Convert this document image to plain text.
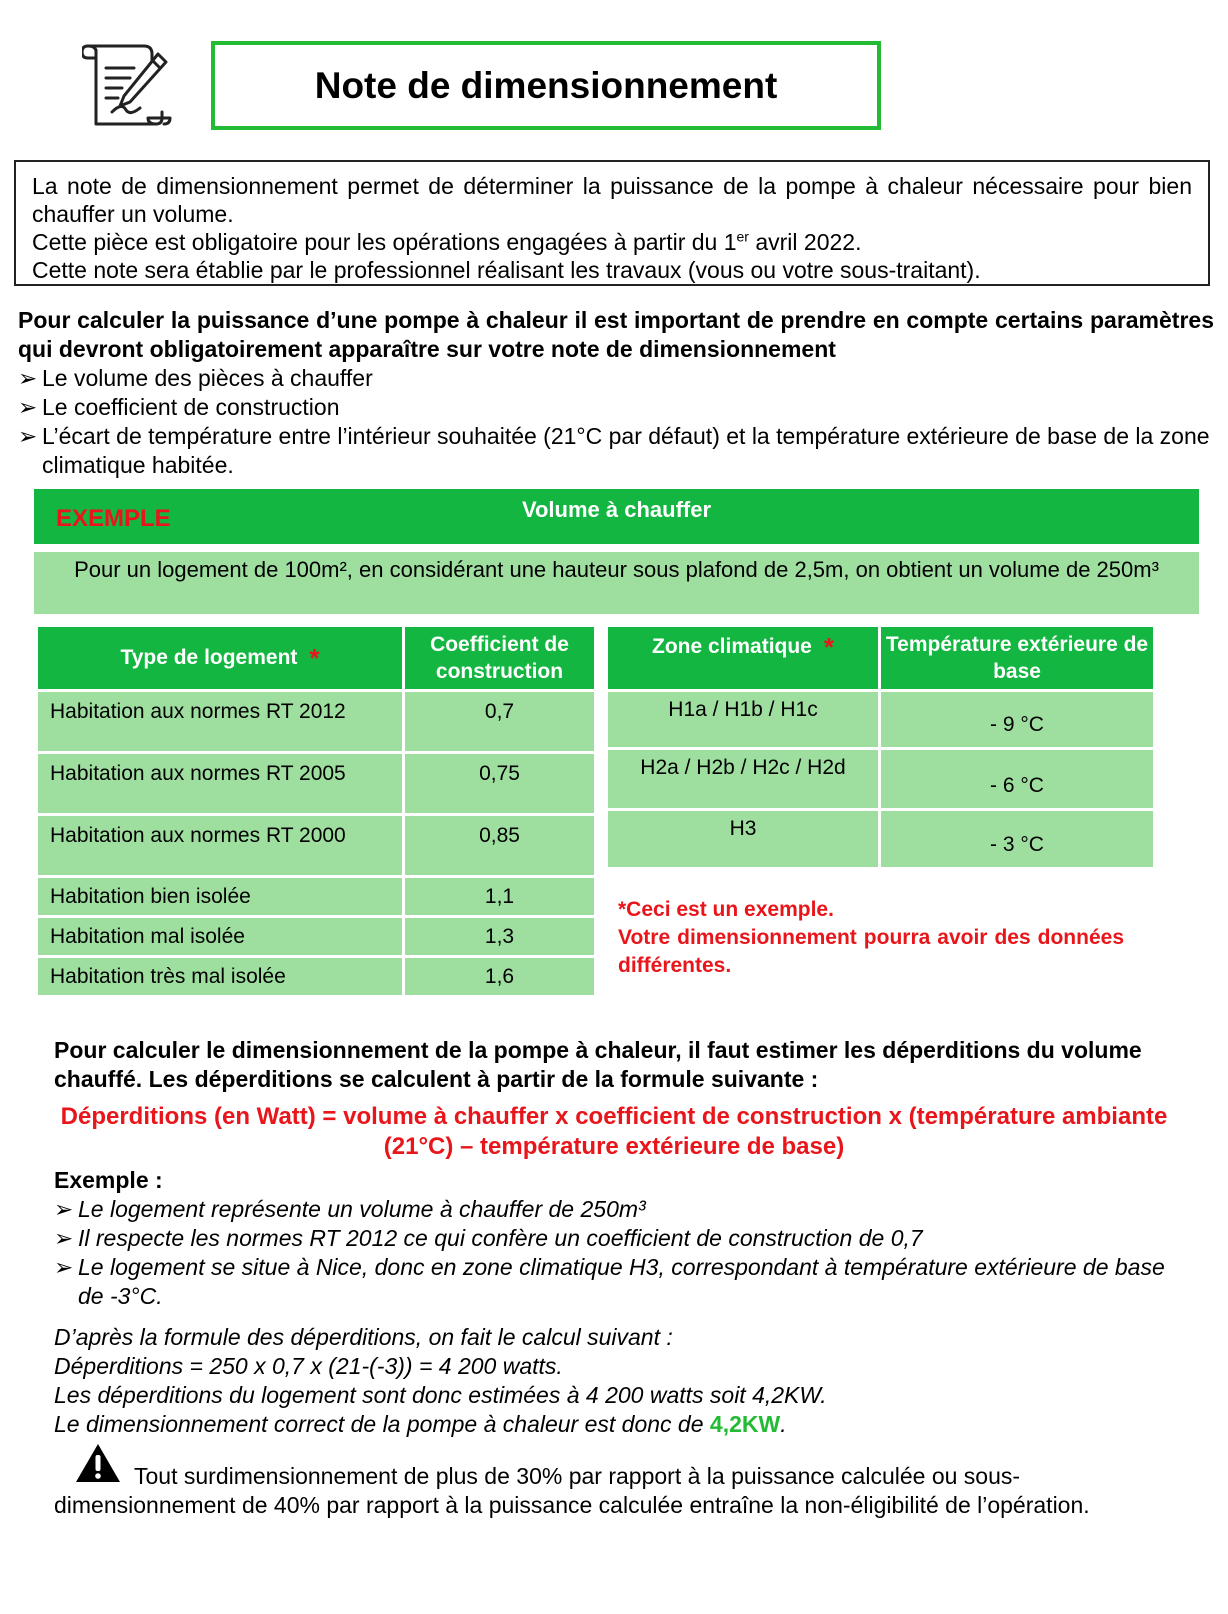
Note de dimensionnement

La note de dimensionnement permet de déterminer la puissance de la pompe à chaleur nécessaire pour bien chauffer un volume.

Cette pièce est obligatoire pour les opérations engagées à partir du 1er avril 2022.

Cette note sera établie par le professionnel réalisant les travaux (vous ou votre sous-traitant).

Pour calculer la puissance d’une pompe à chaleur il est important de prendre en compte certains paramètres qui devront obligatoirement apparaître sur votre note de dimensionnement

➢ Le volume des pièces à chauffer
➢ Le coefficient de construction
➢ L’écart de température entre l’intérieur souhaitée (21°C par défaut) et la température extérieure de base de la zone climatique habitée.
Volume à chauffer
EXEMPLE
Pour un logement de 100m², en considérant une hauteur sous plafond de 2,5m, on obtient un volume de 250m³
Type de logement *	Coefficient de construction
Habitation aux normes RT 2012	0,7
Habitation aux normes RT 2005	0,75
Habitation aux normes RT 2000	0,85
Habitation bien isolée	1,1
Habitation mal isolée	1,3
Habitation très mal isolée	1,6
Zone climatique *	Température extérieure de base
H1a / H1b / H1c	- 9 °C
H2a / H2b / H2c / H2d	- 6 °C
H3	- 3 °C

*Ceci est un exemple.

Votre dimensionnement pourra avoir des données différentes.

Pour calculer le dimensionnement de la pompe à chaleur, il faut estimer les déperditions du volume chauffé. Les déperditions se calculent à partir de la formule suivante :

Déperditions (en Watt) = volume à chauffer x coefficient de construction x (température ambiante (21°C) – température extérieure de base)

Exemple :

➢ Le logement représente un volume à chauffer de 250m³
➢ Il respecte les normes RT 2012 ce qui confère un coefficient de construction de 0,7
➢ Le logement se situe à Nice, donc en zone climatique H3, correspondant à température extérieure de base de -3°C.

D’après la formule des déperditions, on fait le calcul suivant :

Déperditions = 250 x 0,7 x (21-(-3)) = 4 200 watts.

Les déperditions du logement sont donc estimées à 4 200 watts soit 4,2KW.

Le dimensionnement correct de la pompe à chaleur est donc de 4,2KW.

Tout surdimensionnement de plus de 30% par rapport à la puissance calculée ou sous-dimensionnement de 40% par rapport à la puissance calculée entraîne la non-éligibilité de l’opération.
